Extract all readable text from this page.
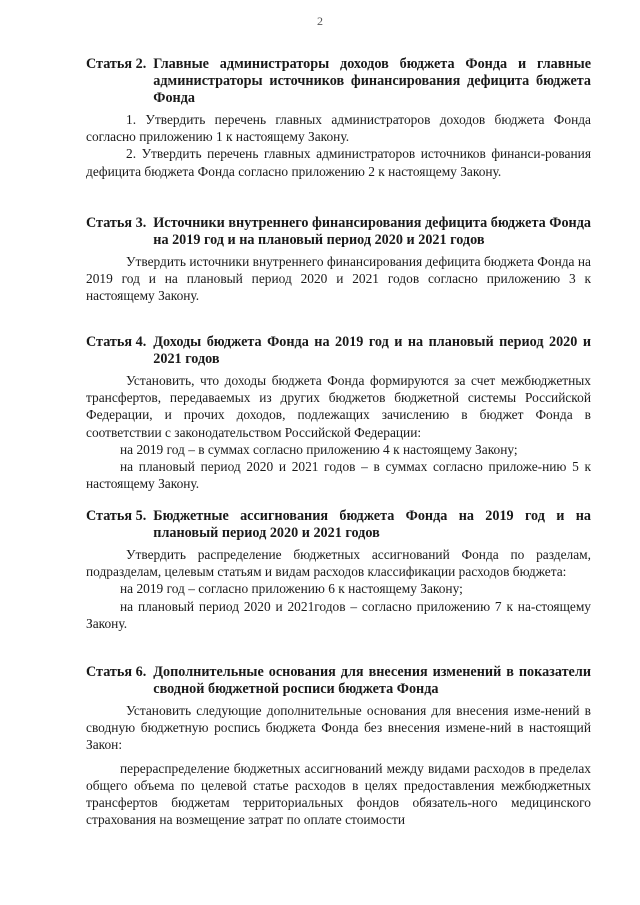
2
Статья 2. Главные администраторы доходов бюджета Фонда и главные администраторы источников финансирования дефицита бюджета Фонда

1. Утвердить перечень главных администраторов доходов бюджета Фонда согласно приложению 1 к настоящему Закону.

2. Утвердить перечень главных администраторов источников финанси-рования дефицита бюджета Фонда согласно приложению 2 к настоящему Закону.

Статья 3. Источники внутреннего финансирования дефицита бюджета Фонда на 2019 год и на плановый период 2020 и 2021 годов

Утвердить источники внутреннего финансирования дефицита бюджета Фонда на 2019 год и на плановый период 2020 и 2021 годов согласно приложению 3 к настоящему Закону.

Статья 4. Доходы бюджета Фонда на 2019 год и на плановый период 2020 и 2021 годов

Установить, что доходы бюджета Фонда формируются за счет межбюджетных трансфертов, передаваемых из других бюджетов бюджетной системы Российской Федерации, и прочих доходов, подлежащих зачислению в бюджет Фонда в соответствии с законодательством Российской Федерации:

на 2019 год – в суммах согласно приложению 4 к настоящему Закону;

на плановый период 2020 и 2021 годов – в суммах согласно приложе-нию 5 к настоящему Закону.

Статья 5. Бюджетные ассигнования бюджета Фонда на 2019 год и на плановый период 2020 и 2021 годов

Утвердить распределение бюджетных ассигнований Фонда по разделам, подразделам, целевым статьям и видам расходов классификации расходов бюджета:

на 2019 год – согласно приложению 6 к настоящему Закону;

на плановый период 2020 и 2021годов – согласно приложению 7 к на-стоящему Закону.

Статья 6. Дополнительные основания для внесения изменений в показатели сводной бюджетной росписи бюджета Фонда

Установить следующие дополнительные основания для внесения изме-нений в сводную бюджетную роспись бюджета Фонда без внесения измене-ний в настоящий Закон:

перераспределение бюджетных ассигнований между видами расходов в пределах общего объема по целевой статье расходов в целях предоставления межбюджетных трансфертов бюджетам территориальных фондов обязатель-ного медицинского страхования на возмещение затрат по оплате стоимости
